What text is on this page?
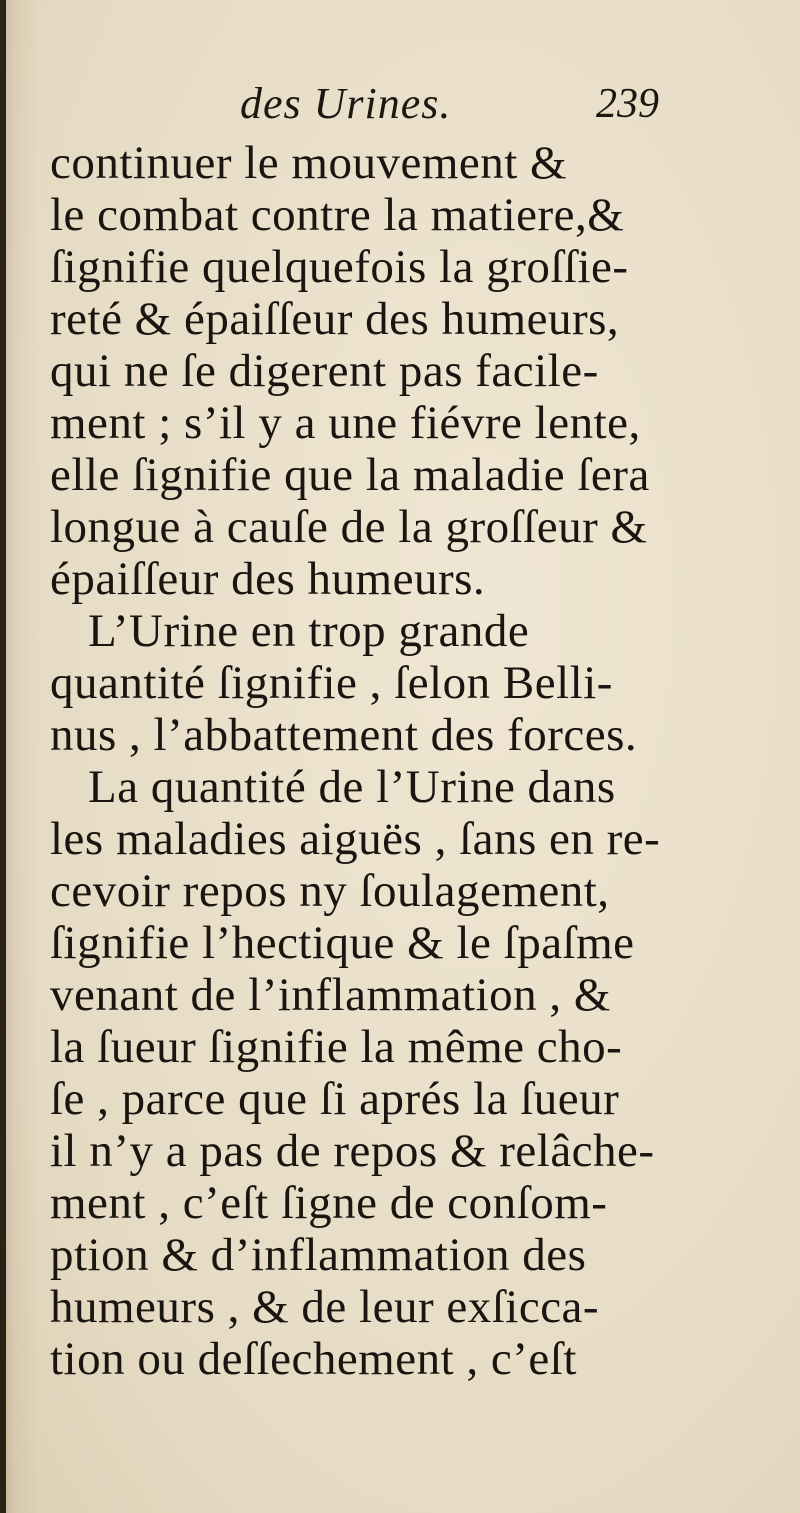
des Urines.	239
continuer le mouvement &
le combat contre la matiere,&
ſignifie quelquefois la groſſie-
reté & épaiſſeur des humeurs,
qui ne ſe digerent pas facile-
ment ; s’il y a une fiévre lente,
elle ſignifie que la maladie ſera
longue à cauſe de la groſſeur &
épaiſſeur des humeurs.
L’Urine en trop grande
quantité ſignifie , ſelon Belli-
nus , l’abbattement des forces.
La quantité de l’Urine dans
les maladies aiguës , ſans en re-
cevoir repos ny ſoulagement,
ſignifie l’hectique & le ſpaſme
venant de l’inflammation , &
la ſueur ſignifie la même cho-
ſe , parce que ſi aprés la ſueur
il n’y a pas de repos & relâche-
ment , c’eſt ſigne de conſom-
ption & d’inflammation des
humeurs , & de leur exſicca-
tion ou deſſechement , c’eſt
